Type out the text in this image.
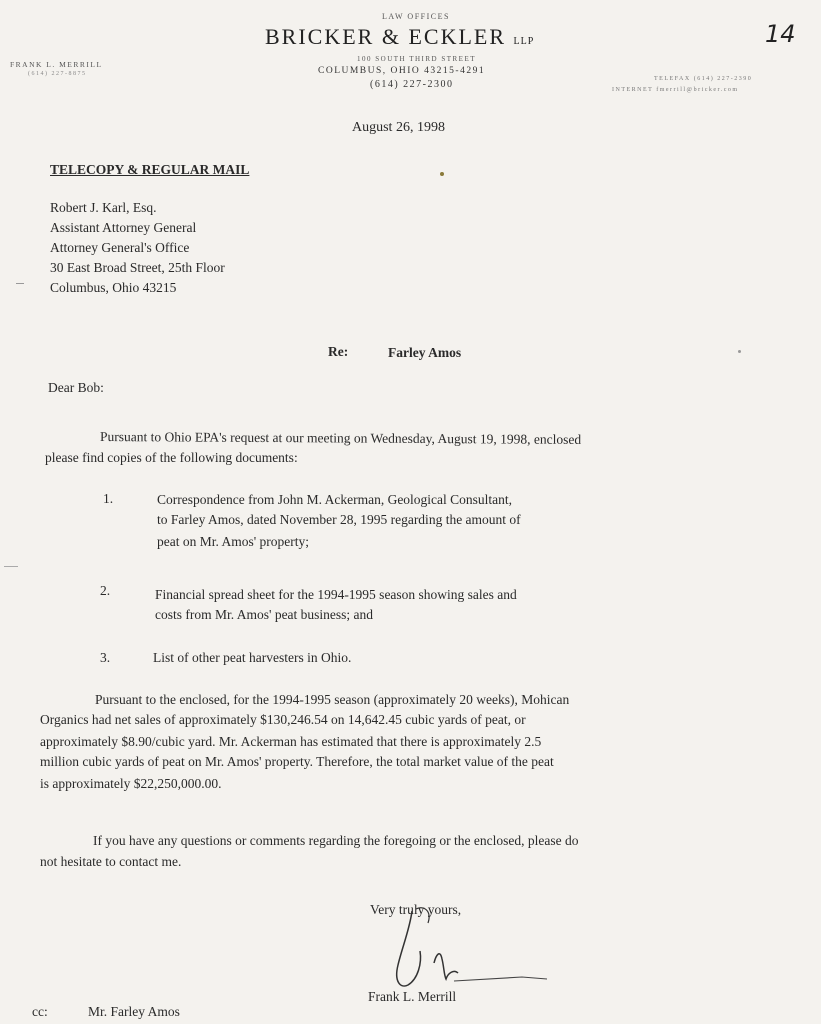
LAW OFFICES
BRICKER & ECKLER LLP
100 SOUTH THIRD STREET
COLUMBUS, OHIO 43215-4291
(614) 227-2300
FRANK L. MERRILL
(614) 227-8875
TELEFAX (614) 227-2390
INTERNET fmerrill@bricker.com
14
August 26, 1998
TELECOPY & REGULAR MAIL
Robert J. Karl, Esq.
Assistant Attorney General
Attorney General's Office
30 East Broad Street, 25th Floor
Columbus, Ohio 43215
Re:	Farley Amos
Dear Bob:
Pursuant to Ohio EPA's request at our meeting on Wednesday, August 19, 1998, enclosed
please find copies of the following documents:
1.	Correspondence from John M. Ackerman, Geological Consultant,
to Farley Amos, dated November 28, 1995 regarding the amount of
peat on Mr. Amos' property;
2.	Financial spread sheet for the 1994-1995 season showing sales and
costs from Mr. Amos' peat business; and
3.	List of other peat harvesters in Ohio.
Pursuant to the enclosed, for the 1994-1995 season (approximately 20 weeks), Mohican
Organics had net sales of approximately $130,246.54 on 14,642.45 cubic yards of peat, or
approximately $8.90/cubic yard. Mr. Ackerman has estimated that there is approximately 2.5
million cubic yards of peat on Mr. Amos' property. Therefore, the total market value of the peat
is approximately $22,250,000.00.
If you have any questions or comments regarding the foregoing or the enclosed, please do
not hesitate to contact me.
Very truly yours,
Frank L. Merrill
cc:	Mr. Farley Amos
